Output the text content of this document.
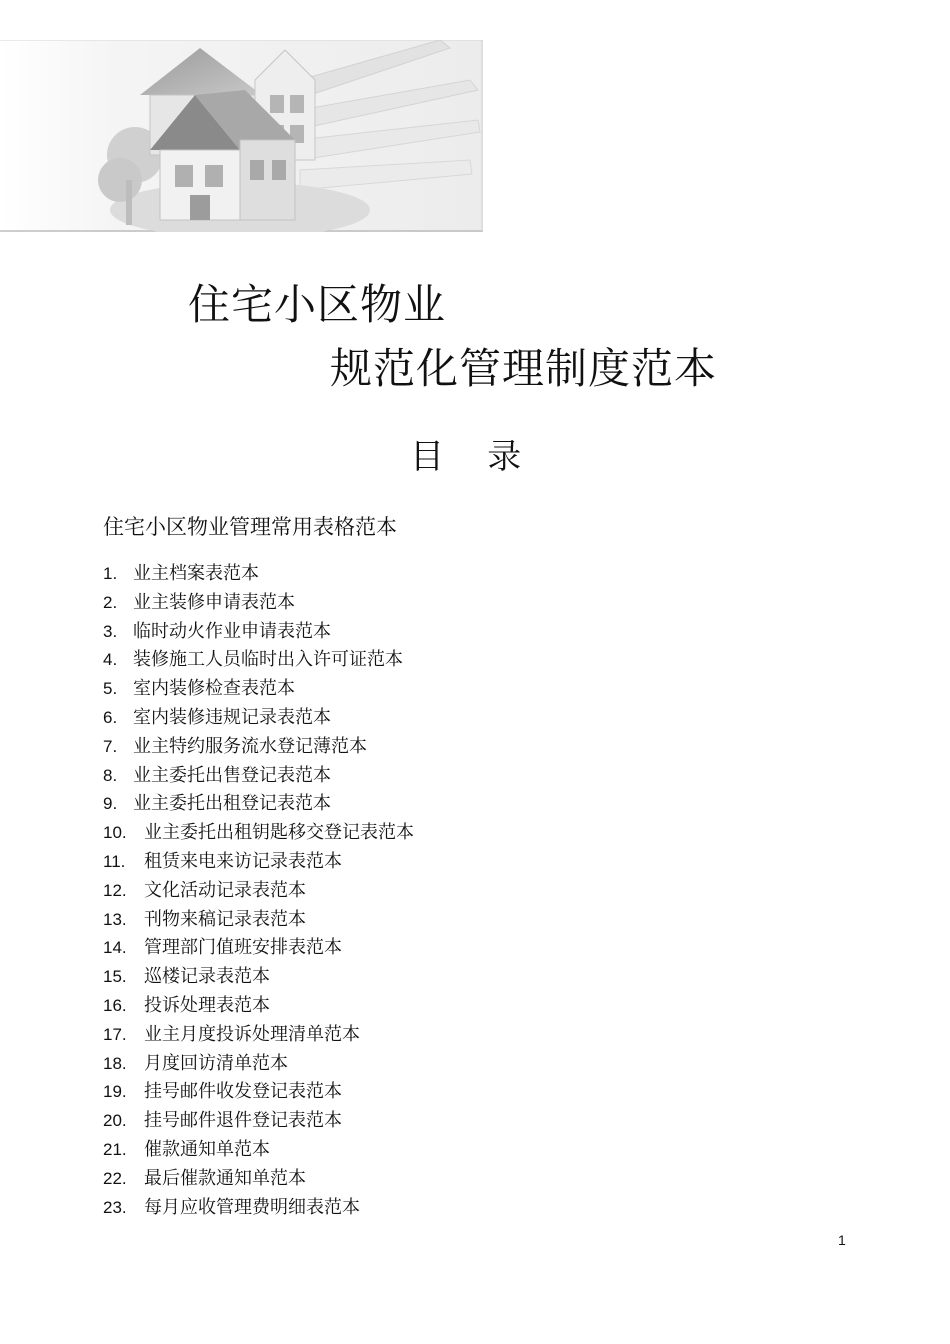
住宅小区物业
规范化管理制度范本
目    录
住宅小区物业管理常用表格范本
1. 业主档案表范本
2. 业主装修申请表范本
3. 临时动火作业申请表范本
4. 装修施工人员临时出入许可证范本
5. 室内装修检查表范本
6. 室内装修违规记录表范本
7. 业主特约服务流水登记薄范本
8. 业主委托出售登记表范本
9. 业主委托出租登记表范本
10. 业主委托出租钥匙移交登记表范本
11. 租赁来电来访记录表范本
12. 文化活动记录表范本
13. 刊物来稿记录表范本
14. 管理部门值班安排表范本
15. 巡楼记录表范本
16. 投诉处理表范本
17. 业主月度投诉处理清单范本
18. 月度回访清单范本
19. 挂号邮件收发登记表范本
20. 挂号邮件退件登记表范本
21. 催款通知单范本
22. 最后催款通知单范本
23. 每月应收管理费明细表范本
1
